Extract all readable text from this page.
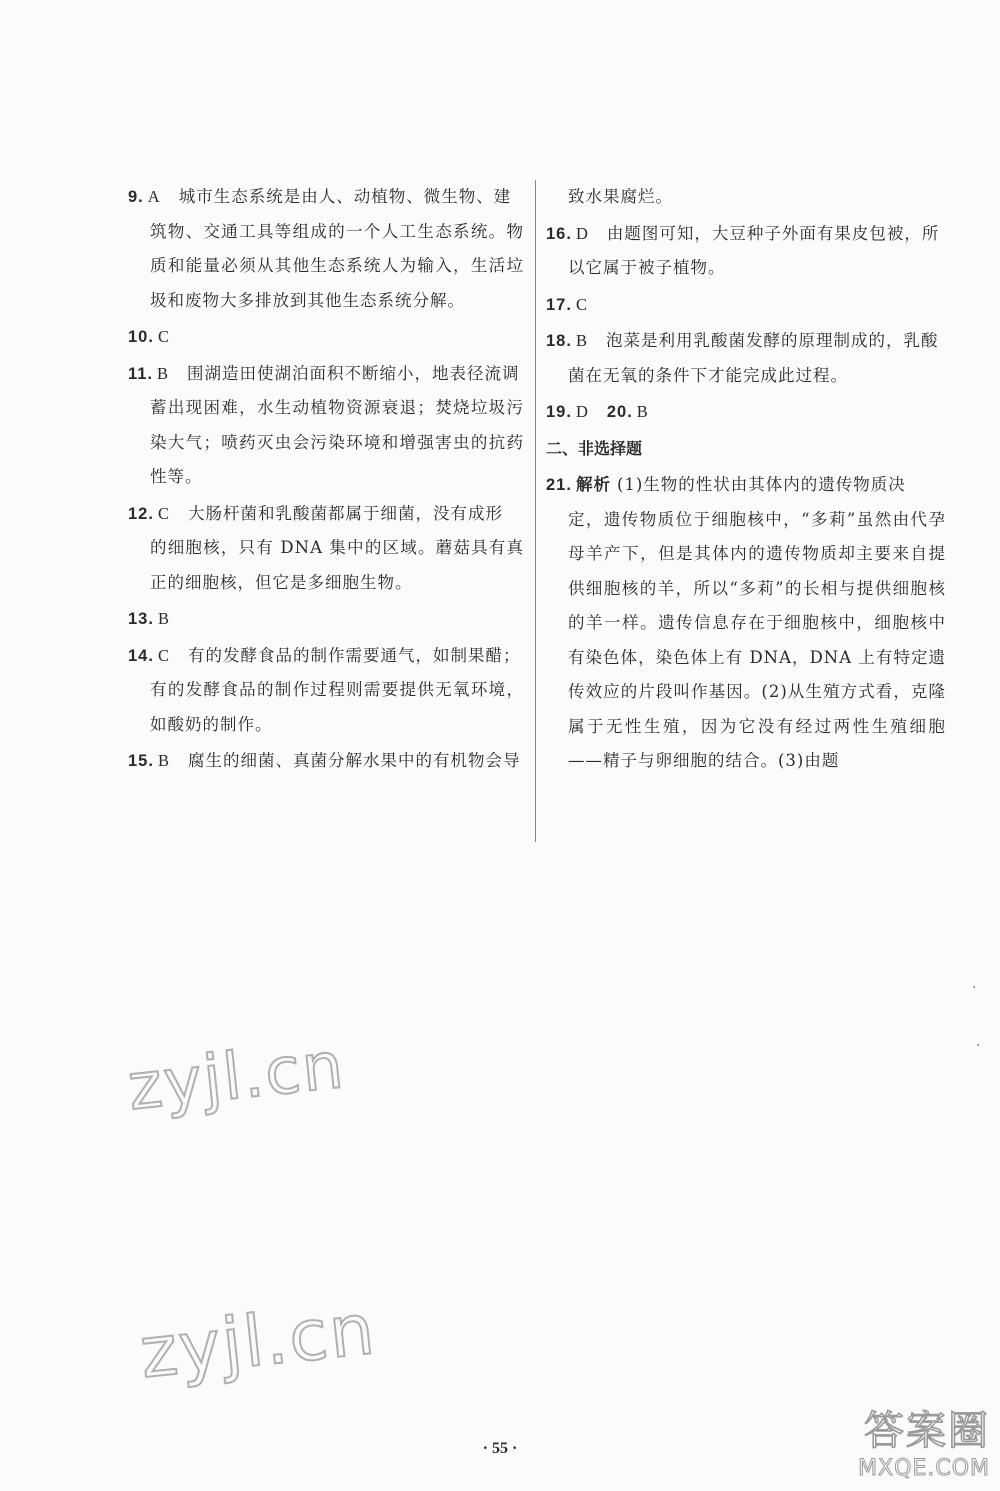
9. A 城市生态系统是由人、动植物、微生物、建
筑物、交通工具等组成的一个人工生态系统。物质和能量必须从其他生态系统人为输入，生活垃圾和废物大多排放到其他生态系统分解。
10. C
11. B 围湖造田使湖泊面积不断缩小，地表径流调
蓄出现困难，水生动植物资源衰退；焚烧垃圾污染大气；喷药灭虫会污染环境和增强害虫的抗药性等。
12. C 大肠杆菌和乳酸菌都属于细菌，没有成形
的细胞核，只有 DNA 集中的区域。蘑菇具有真正的细胞核，但它是多细胞生物。
13. B
14. C 有的发酵食品的制作需要通气，如制果醋；
有的发酵食品的制作过程则需要提供无氧环境，如酸奶的制作。
15. B 腐生的细菌、真菌分解水果中的有机物会导
致水果腐烂。
16. D 由题图可知，大豆种子外面有果皮包被，所
以它属于被子植物。
17. C
18. B 泡菜是利用乳酸菌发酵的原理制成的，乳酸
菌在无氧的条件下才能完成此过程。
19. D 20. B
二、非选择题
21. 解析 (1)生物的性状由其体内的遗传物质决
定，遗传物质位于细胞核中，“多莉”虽然由代孕母羊产下，但是其体内的遗传物质却主要来自提供细胞核的羊，所以“多莉”的长相与提供细胞核的羊一样。遗传信息存在于细胞核中，细胞核中有染色体，染色体上有 DNA，DNA 上有特定遗传效应的片段叫作基因。(2)从生殖方式看，克隆属于无性生殖，因为它没有经过两性生殖细胞——精子与卵细胞的结合。(3)由题
zyjl.cn
zyjl.cn
·
·
· 55 ·	答案圈
MXQE.COM
